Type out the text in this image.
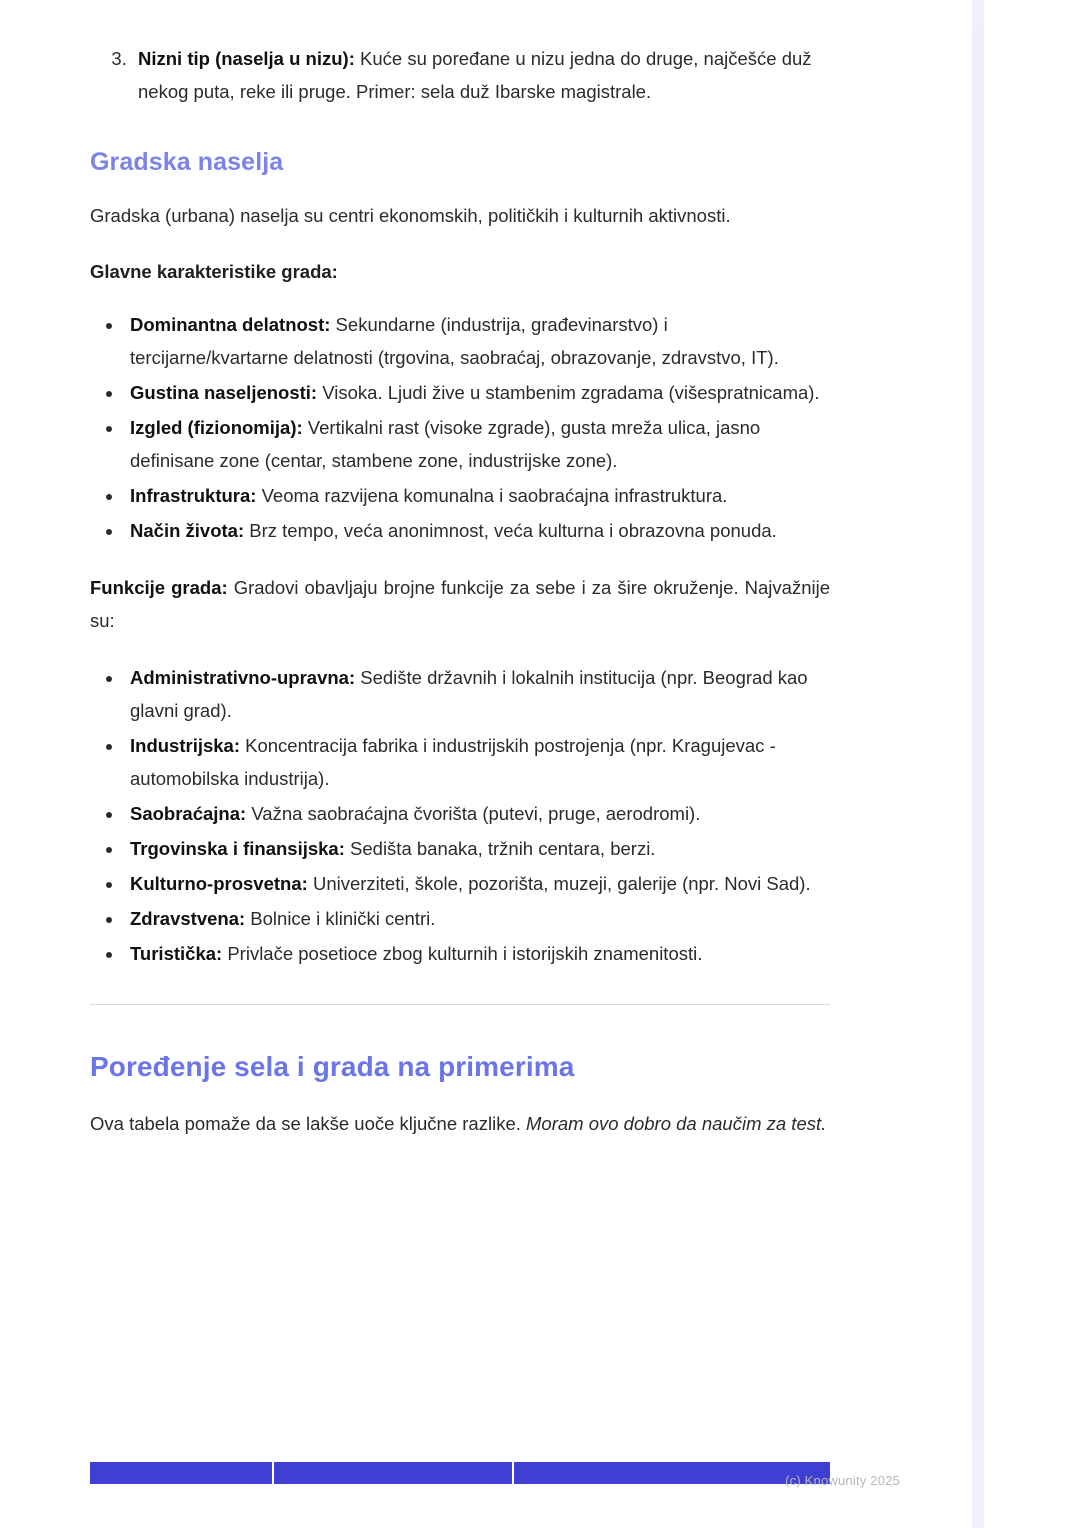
3. Nizni tip (naselja u nizu): Kuće su poređane u nizu jedna do druge, najčešće duž nekog puta, reke ili pruge. Primer: sela duž Ibarske magistrale.
Gradska naselja

Gradska (urbana) naselja su centri ekonomskih, političkih i kulturnih aktivnosti.

Glavne karakteristike grada:

• Dominantna delatnost: Sekundarne (industrija, građevinarstvo) i tercijarne/kvartarne delatnosti (trgovina, saobraćaj, obrazovanje, zdravstvo, IT).
• Gustina naseljenosti: Visoka. Ljudi žive u stambenim zgradama (višespratnicama).
• Izgled (fizionomija): Vertikalni rast (visoke zgrade), gusta mreža ulica, jasno definisane zone (centar, stambene zone, industrijske zone).
• Infrastruktura: Veoma razvijena komunalna i saobraćajna infrastruktura.
• Način života: Brz tempo, veća anonimnost, veća kulturna i obrazovna ponuda.

Funkcije grada: Gradovi obavljaju brojne funkcije za sebe i za šire okruženje. Najvažnije su:

• Administrativno-upravna: Sedište državnih i lokalnih institucija (npr. Beograd kao glavni grad).
• Industrijska: Koncentracija fabrika i industrijskih postrojenja (npr. Kragujevac - automobilska industrija).
• Saobraćajna: Važna saobraćajna čvorišta (putevi, pruge, aerodromi).
• Trgovinska i finansijska: Sedišta banaka, tržnih centara, berzi.
• Kulturno-prosvetna: Univerziteti, škole, pozorišta, muzeji, galerije (npr. Novi Sad).
• Zdravstvena: Bolnice i klinički centri.
• Turistička: Privlače posetioce zbog kulturnih i istorijskih znamenitosti.
Poređenje sela i grada na primerima

Ova tabela pomaže da se lakše uoče ključne razlike. Moram ovo dobro da naučim za test.

(c) Knowunity 2025
